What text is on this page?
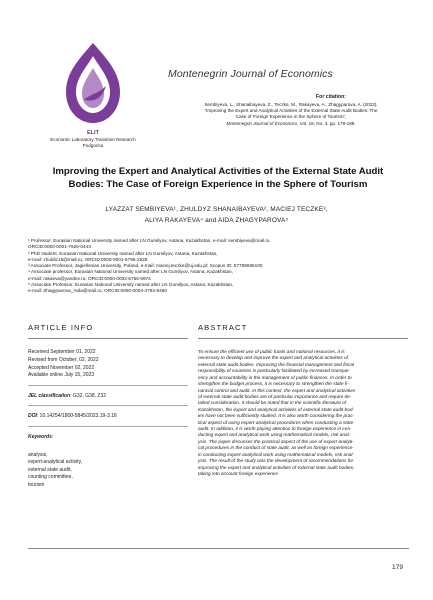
ELIT
Economic Laboratory Transition Research Podgorica
Montenegrin Journal of Economics
For citation:
Sembiyeva, L., Shanaibayeva, Z., Teczke, M., Rakayeva, A., Zhagyparova, A. (2023),
“Improving the Expert and Analytical Activities of the External State Audit Bodies: The
Case of Foreign Experience in the Sphere of Tourism”,
Montenegrin Journal of Economics, Vol. 19, No. 3, pp. 179-189.
Improving the Expert and Analytical Activities of the External State Audit
Bodies: The Case of Foreign Experience in the Sphere of Tourism
LYAZZAT SEMBIYEVA¹, ZHULDYZ SHANAIBAYEVA², MACIEJ TECZKE³,
ALIYA RAKAYEVA⁴ and AIDA ZHAGYPAROVA⁵
¹ Professor, Eurasian National University named after LN Gumilyov, Astana, Kazakhstan, e-mail: sembiyeva@mail.ru
ORCID:0000-0001-7926-0443
² PhD student, Eurasian National University named after LN Gumilyov, Astana, Kazakhstan,
e-mail: zhuldiz15@mail.ru; ORCID:0000-0001-6796-2528
³ Associate Professor, Jagiellonian University, Poland, e-mail: maciej.teczke@uj.edu.pl; Scopus ID: 57789695100
⁴ Associate professor, Eurasian National University named after LN Gumilyov, Astana, Kazakhstan,
e-mail: rakaeva@yandex.ru; ORCID:0000-0002-6756-6974
⁵ Associate Professor, Eurasian National University named after LN Gumilyov, Astana, Kazakhstan,
e-mail: Zhagyparova_Aida@mail.ru; ORCID:0000-0003-4792-9450
ARTICLE INFO	ABSTRACT
Received September 01, 2022
Revised from October, 02, 2022
Accepted November 02, 2022
Available online July 15, 2023
JEL classification: G32, G38, Z32
DOI: 10.14254/1800-5845/2023.19-3.18
Keywords:
analysis,
expert-analytical activity,
external state audit,
counting committee,
tourism
To ensure the efficient use of public funds and national resources, it is
necessary to develop and improve the expert and analytical activities of
external state audit bodies. Improving the financial management and fiscal
responsibility of countries is particularly facilitated by increased transpar-
ency and accountability in the management of public finances. In order to
strengthen the budget process, it is necessary to strengthen the state fi-
nancial control and audit. In this context, the expert and analytical activities
of external state audit bodies are of particular importance and require de-
tailed consideration. It should be noted that in the scientific literature of
Kazakhstan, the expert and analytical activities of external state audit bod-
ies have not been sufficiently studied. It is also worth considering the prac-
tical aspect of using expert-analytical procedures when conducting a state
audit. In addition, it is worth paying attention to foreign experience in con-
ducting expert and analytical work using mathematical models, risk anal-
ysis. The paper discusses the practical aspect of the use of expert-analyti-
cal procedures in the conduct of state audit, as well as foreign experience
in conducting expert-analytical work using mathematical models, risk anal-
ysis. The result of the study was the development of recommendations for
improving the expert and analytical activities of external state audit bodies,
taking into account foreign experience
179
